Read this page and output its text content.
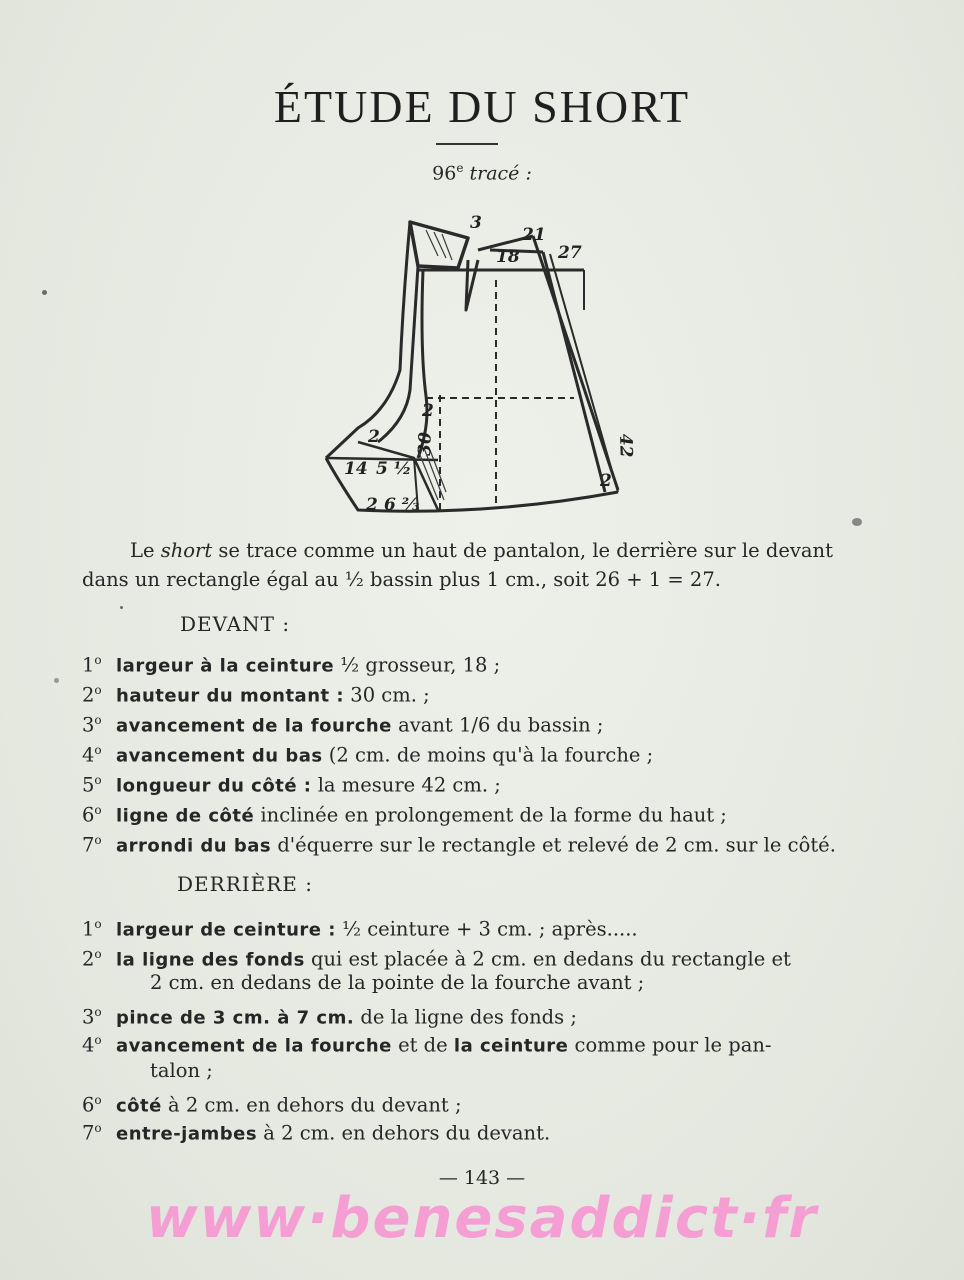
ÉTUDE DU SHORT
96e tracé :
3
21
18 27
2
30
14 5 ½
2 6 ⅔
2	42
2
Le short se trace comme un haut de pantalon, le derrière sur le devant
dans un rectangle égal au ½ bassin plus 1 cm., soit 26 + 1 = 27.
DEVANT :
1$^o$ largeur à la ceinture ½ grosseur, 18 ;
2$^o$ hauteur du montant : 30 cm. ;
3$^o$ avancement de la fourche avant 1/6 du bassin ;
4$^o$ avancement du bas (2 cm. de moins qu'à la fourche ;
5$^o$ longueur du côté : la mesure 42 cm. ;
6$^o$ ligne de côté inclinée en prolongement de la forme du haut ;
7$^o$ arrondi du bas d'équerre sur le rectangle et relevé de 2 cm. sur le côté.
DERRIÈRE :
1$^o$ largeur de ceinture : ½ ceinture + 3 cm. ; après.....
2$^o$ la ligne des fonds qui est placée à 2 cm. en dedans du rectangle et
2 cm. en dedans de la pointe de la fourche avant ;
3$^o$ pince de 3 cm. à 7 cm. de la ligne des fonds ;
4$^o$ avancement de la fourche et de la ceinture comme pour le pan-
talon ;
6$^o$ côté à 2 cm. en dehors du devant ;
7$^o$ entre-jambes à 2 cm. en dehors du devant.
— 143 —
www·benesaddict·fr
